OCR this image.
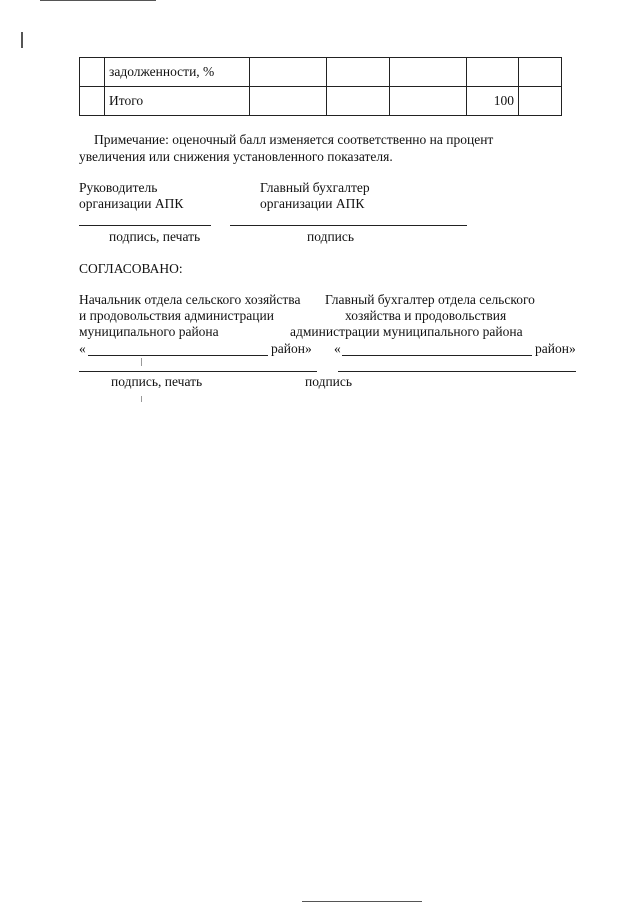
	задолженности, %					
	Итого				100	
Примечание: оценочный балл изменяется соответственно на процент
увеличения или снижения установленного показателя.
Руководитель
организации АПК
Главный бухгалтер
организации АПК
подпись, печать	подпись
СОГЛАСОВАНО:
Начальник отдела сельского хозяйства
и продовольствия администрации
муниципального района
Главный бухгалтер отдела сельского
хозяйства и продовольствия
администрации муниципального района
«	район» «	район»
подпись, печать	подпись
